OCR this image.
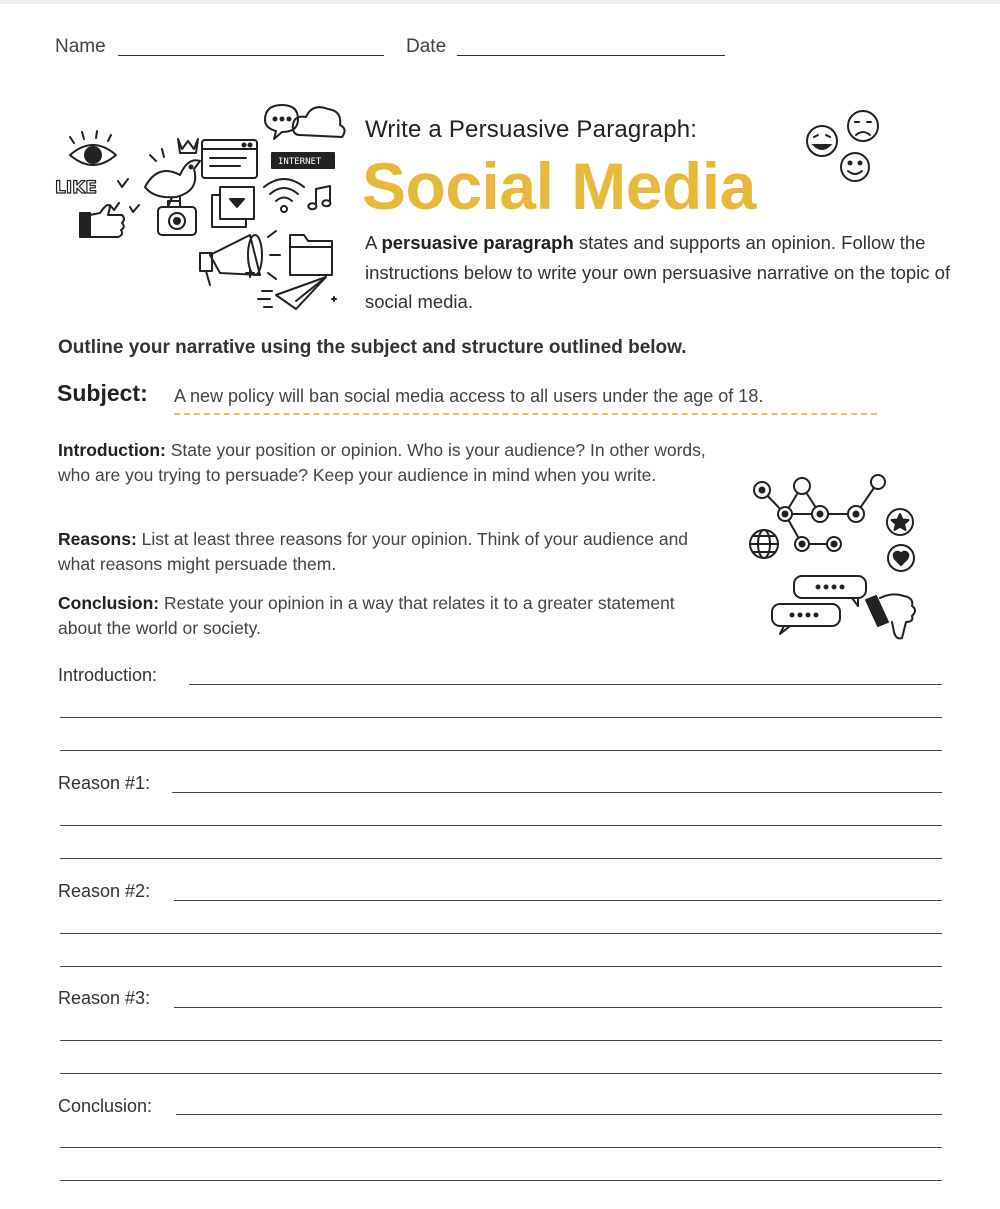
Name	Date
LIKE
INTERNET
Write a Persuasive Paragraph:
Social Media
A persuasive paragraph states and supports an opinion. Follow the instructions below to write your own persuasive narrative on the topic of social media.
Outline your narrative using the subject and structure outlined below.
Subject: A new policy will ban social media access to all users under the age of 18.
Introduction: State your position or opinion. Who is your audience? In other words, who are you trying to persuade? Keep your audience in mind when you write.
Reasons: List at least three reasons for your opinion. Think of your audience and what reasons might persuade them.
Conclusion: Restate your opinion in a way that relates it to a greater statement about the world or society.
Introduction:
Reason #1:
Reason #2:
Reason #3:
Conclusion:
